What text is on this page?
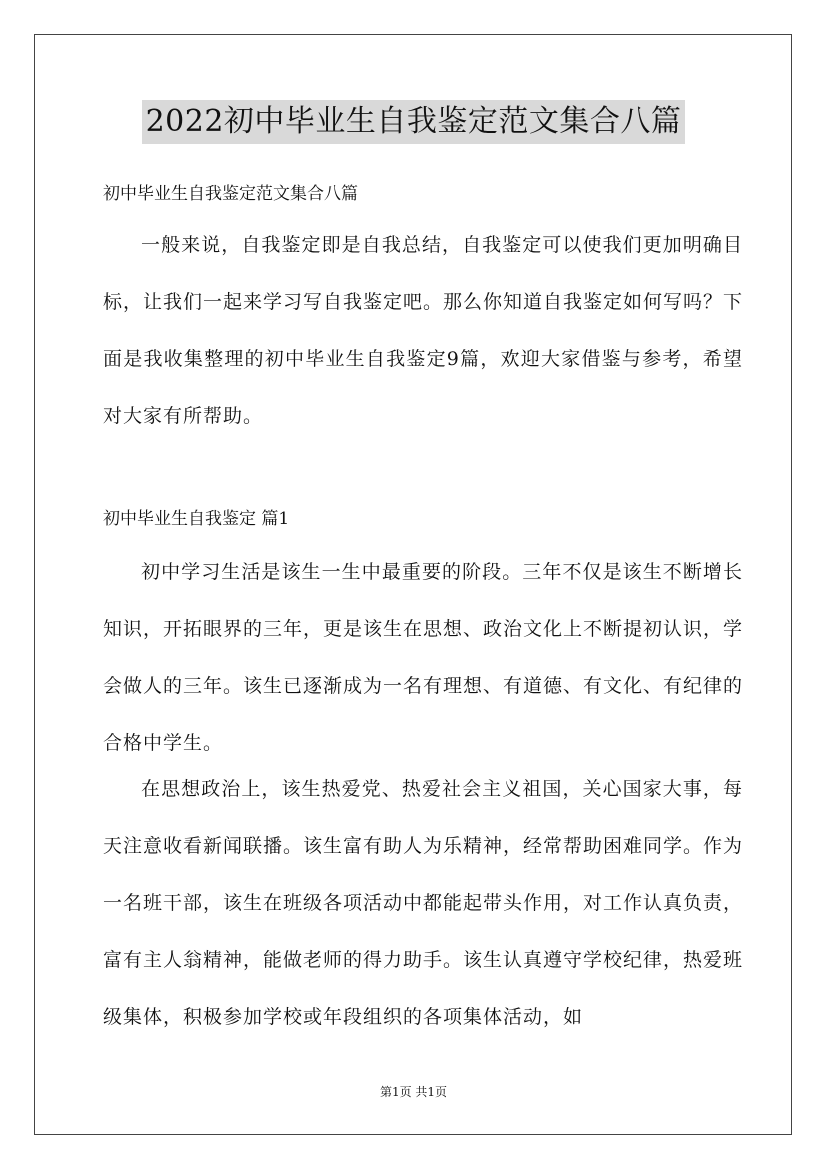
2022初中毕业生自我鉴定范文集合八篇

初中毕业生自我鉴定范文集合八篇

一般来说，自我鉴定即是自我总结，自我鉴定可以使我们更加明确目标，让我们一起来学习写自我鉴定吧。那么你知道自我鉴定如何写吗？下面是我收集整理的初中毕业生自我鉴定9篇，欢迎大家借鉴与参考，希望对大家有所帮助。

初中毕业生自我鉴定 篇1

初中学习生活是该生一生中最重要的阶段。三年不仅是该生不断增长知识，开拓眼界的三年，更是该生在思想、政治文化上不断提初认识，学会做人的三年。该生已逐渐成为一名有理想、有道德、有文化、有纪律的合格中学生。

在思想政治上，该生热爱党、热爱社会主义祖国，关心国家大事，每天注意收看新闻联播。该生富有助人为乐精神，经常帮助困难同学。作为一名班干部，该生在班级各项活动中都能起带头作用，对工作认真负责，富有主人翁精神，能做老师的得力助手。该生认真遵守学校纪律，热爱班级集体，积极参加学校或年段组织的各项集体活动，如

第1页 共1页
